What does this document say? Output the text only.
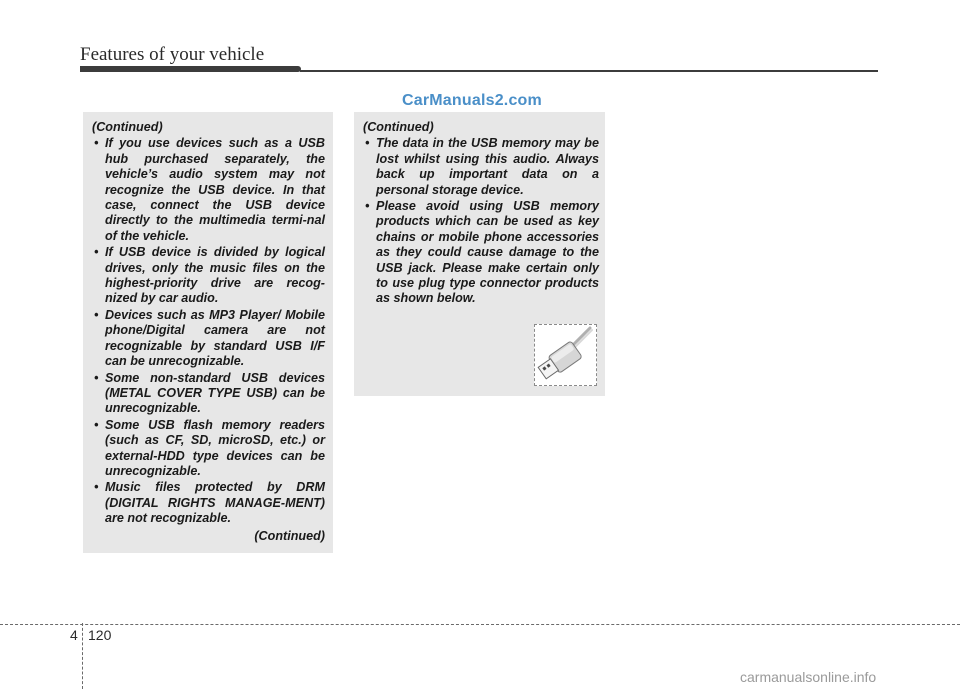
Features of your vehicle
CarManuals2.com
(Continued)
• If you use devices such as a USB hub purchased separately, the vehicle’s audio system may not recognize the USB device. In that case, connect the USB device directly to the multimedia termi-nal of the vehicle.
• If USB device is divided by logical drives, only the music files on the highest-priority drive are recog-nized by car audio.
• Devices such as MP3 Player/ Mobile phone/Digital camera are not recognizable by standard USB I/F can be unrecognizable.
• Some non-standard USB devices (METAL COVER TYPE USB) can be unrecognizable.
• Some USB flash memory readers (such as CF, SD, microSD, etc.) or external-HDD type devices can be unrecognizable.
• Music files protected by DRM (DIGITAL RIGHTS MANAGE-MENT) are not recognizable.
(Continued)
(Continued)
• The data in the USB memory may be lost whilst using this audio. Always back up important data on a personal storage device.
• Please avoid using USB memory products which can be used as key chains or mobile phone accessories as they could cause damage to the USB jack. Please make certain only to use plug type connector products as shown below.
4 120
carmanualsonline.info
